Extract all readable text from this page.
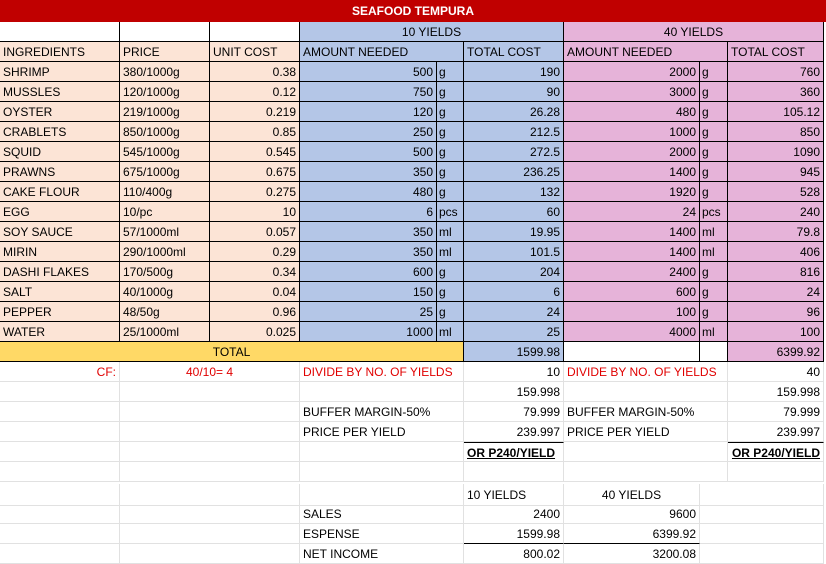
SEAFOOD TEMPURA
10 YIELDS	40 YIELDS
INGREDIENTS	PRICE	UNIT COST	AMOUNT NEEDED	TOTAL COST	AMOUNT NEEDED	TOTAL COST
SHRIMP	380/1000g	0.38	500 g	190	2000 g	760
MUSSLES	120/1000g	0.12	750 g	90	3000 g	360
OYSTER	219/1000g	0.219	120 g	26.28	480 g	105.12
CRABLETS	850/1000g	0.85	250 g	212.5	1000 g	850
SQUID	545/1000g	0.545	500 g	272.5	2000 g	1090
PRAWNS	675/1000g	0.675	350 g	236.25	1400 g	945
CAKE FLOUR	110/400g	0.275	480 g	132	1920 g	528
EGG	10/pc	10	6 pcs	60	24 pcs	240
SOY SAUCE	57/1000ml	0.057	350 ml	19.95	1400 ml	79.8
MIRIN	290/1000ml	0.29	350 ml	101.5	1400 ml	406
DASHI FLAKES	170/500g	0.34	600 g	204	2400 g	816
SALT	40/1000g	0.04	150 g	6	600 g	24
PEPPER	48/50g	0.96	25 g	24	100 g	96
WATER	25/1000ml	0.025	1000 ml	25	4000 ml	100
TOTAL	1599.98	6399.92
CF:	40/10= 4	DIVIDE BY NO. OF YIELDS	10 DIVIDE BY NO. OF YIELDS	40
159.998	159.998
BUFFER MARGIN-50%	79.999 BUFFER MARGIN-50%	79.999
PRICE PER YIELD	239.997 PRICE PER YIELD	239.997
OR P240/YIELD	OR P240/YIELD
10 YIELDS	40 YIELDS
SALES	2400	9600
ESPENSE	1599.98	6399.92
NET INCOME	800.02	3200.08
